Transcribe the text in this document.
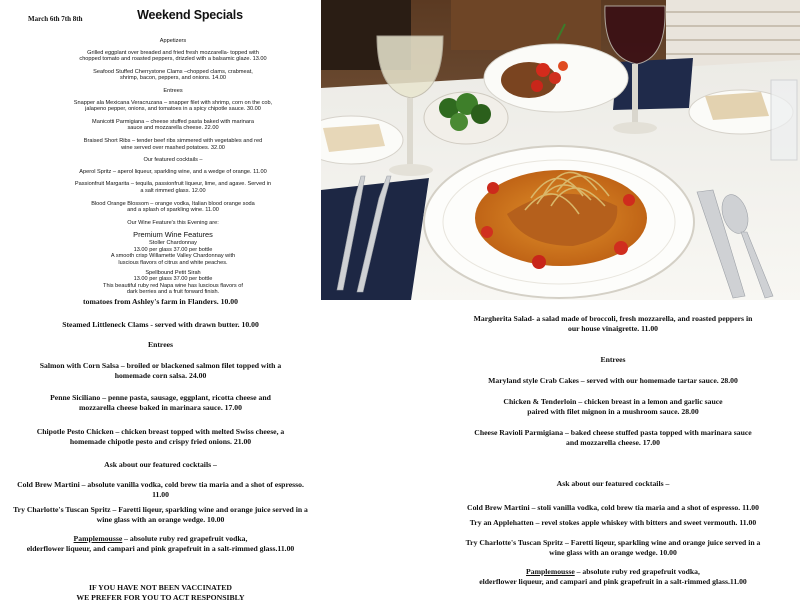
March 6th 7th 8th	Weekend Specials
Appetizers
Grilled eggplant over breaded and fried fresh mozzarella- topped with
chopped tomato and roasted peppers, drizzled with a balsamic glaze. 13.00
Seafood Stuffed Cherrystone Clams –chopped clams, crabmeat,
shrimp, bacon, peppers, and onions. 14.00
Entrees
Snapper ala Mexicana Veracruzana – snapper filet with shrimp, corn on the cob,
jalapeno pepper, onions, and tomatoes in a spicy chipotle sauce. 30.00
Manicotti Parmigiana – cheese stuffed pasta baked with marinara
sauce and mozzarella cheese. 22.00
Braised Short Ribs – tender beef ribs simmered with vegetables and red
wine served over mashed potatoes. 32.00
Our featured cocktails –
Aperol Spritz – aperol liqueur, sparkling wine, and a wedge of orange. 11.00
Passionfruit Margarita – tequila, passionfruit liqueur, lime, and agave. Served in
a salt rimmed glass. 12.00
Blood Orange Blossom – orange vodka, Italian blood orange soda
and a splash of sparkling wine. 11.00
Our Wine Feature's this Evening are:
Premium Wine Features
Stoller Chardonnay
13.00 per glass 37.00 per bottle
A smooth crisp Willamette Valley Chardonnay with
luscious flavors of citrus and white peaches.
Spellbound Petit Sirah
13.00 per glass 37.00 per bottle
This beautiful ruby red Napa wine has luscious flavors of
dark berries and a fruit forward finish.
tomatoes from Ashley's farm in Flanders. 10.00
Steamed Littleneck Clams - served with drawn butter. 10.00
Entrees
Salmon with Corn Salsa – broiled or blackened salmon filet topped with a
homemade corn salsa. 24.00
Penne Siciliano – penne pasta, sausage, eggplant, ricotta cheese and
mozzarella cheese baked in marinara sauce. 17.00
Chipotle Pesto Chicken – chicken breast topped with melted Swiss cheese, a
homemade chipotle pesto and crispy fried onions. 21.00
Ask about our featured cocktails –
Cold Brew Martini – absolute vanilla vodka, cold brew tia maria and a shot of espresso.
11.00
Try Charlotte's Tuscan Spritz – Faretti liqeur, sparkling wine and orange juice served in a
wine glass with an orange wedge. 10.00
Pamplemousse – absolute ruby red grapefruit vodka,
elderflower liqueur, and campari and pink grapefruit in a salt-rimmed glass.11.00
IF YOU HAVE NOT BEEN VACCINATED
WE PREFER FOR YOU TO ACT RESPONSIBLY
Margherita Salad- a salad made of broccoli, fresh mozzarella, and roasted peppers in
our house vinaigrette. 11.00
Entrees
Maryland style Crab Cakes – served with our homemade tartar sauce. 28.00
Chicken & Tenderloin – chicken breast in a lemon and garlic sauce
paired with filet mignon in a mushroom sauce. 28.00
Cheese Ravioli Parmigiana – baked cheese stuffed pasta topped with marinara sauce
and mozzarella cheese. 17.00
Ask about our featured cocktails –
Cold Brew Martini – stoli vanilla vodka, cold brew tia maria and a shot of espresso. 11.00
Try an Applehatten – revel stokes apple whiskey with bitters and sweet vermouth. 11.00
Try Charlotte's Tuscan Spritz – Faretti liqeur, sparkling wine and orange juice served in a
wine glass with an orange wedge. 10.00
Pamplemousse – absolute ruby red grapefruit vodka,
elderflower liqueur, and campari and pink grapefruit in a salt-rimmed glass.11.00
